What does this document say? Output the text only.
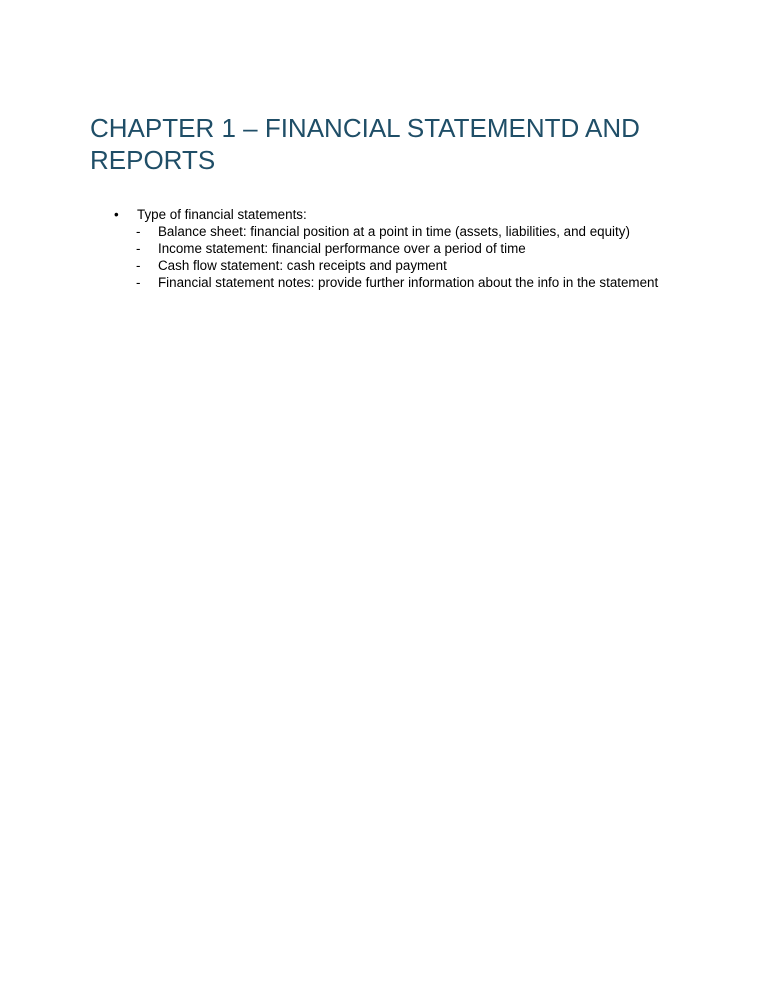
CHAPTER 1 – FINANCIAL STATEMENTD AND REPORTS
• Type of financial statements:
- Balance sheet: financial position at a point in time (assets, liabilities, and equity)
- Income statement: financial performance over a period of time
- Cash flow statement: cash receipts and payment
- Financial statement notes: provide further information about the info in the statement
